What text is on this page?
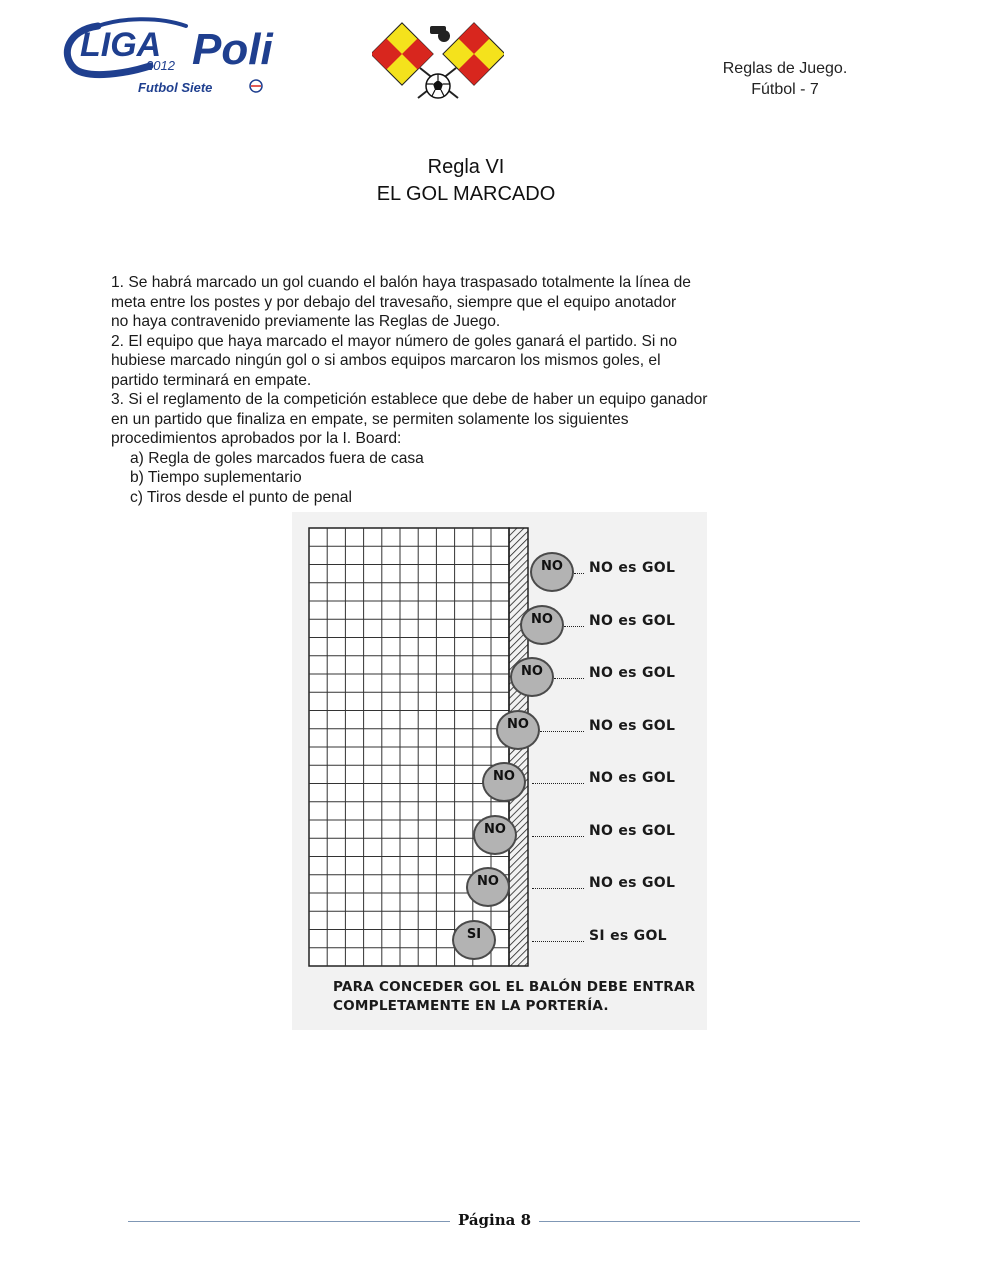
LIGA Poli
2012
Futbol Siete
Reglas de Juego.
Fútbol - 7
Regla VI
EL GOL MARCADO
1. Se habrá marcado un gol cuando el balón haya traspasado totalmente la línea de
meta entre los postes y por debajo del travesaño, siempre que el equipo anotador
no haya contravenido previamente las Reglas de Juego.
2. El equipo que haya marcado el mayor número de goles ganará el partido. Si no
hubiese marcado ningún gol o si ambos equipos marcaron los mismos goles, el
partido terminará en empate.
3. Si el reglamento de la competición establece que debe de haber un equipo ganador
en un partido que finaliza en empate, se permiten solamente los siguientes
procedimientos aprobados por la I. Board:
a) Regla de goles marcados fuera de casa
b) Tiempo suplementario
c) Tiros desde el punto de penal
NO	NO es GOL
NO	NO es GOL
NO	NO es GOL
NO	NO es GOL
NO	NO es GOL
NO	NO es GOL
NO	NO es GOL
SI	SI es GOL
PARA CONCEDER GOL EL BALÓN DEBE ENTRAR
COMPLETAMENTE EN LA PORTERÍA.
Página 8
